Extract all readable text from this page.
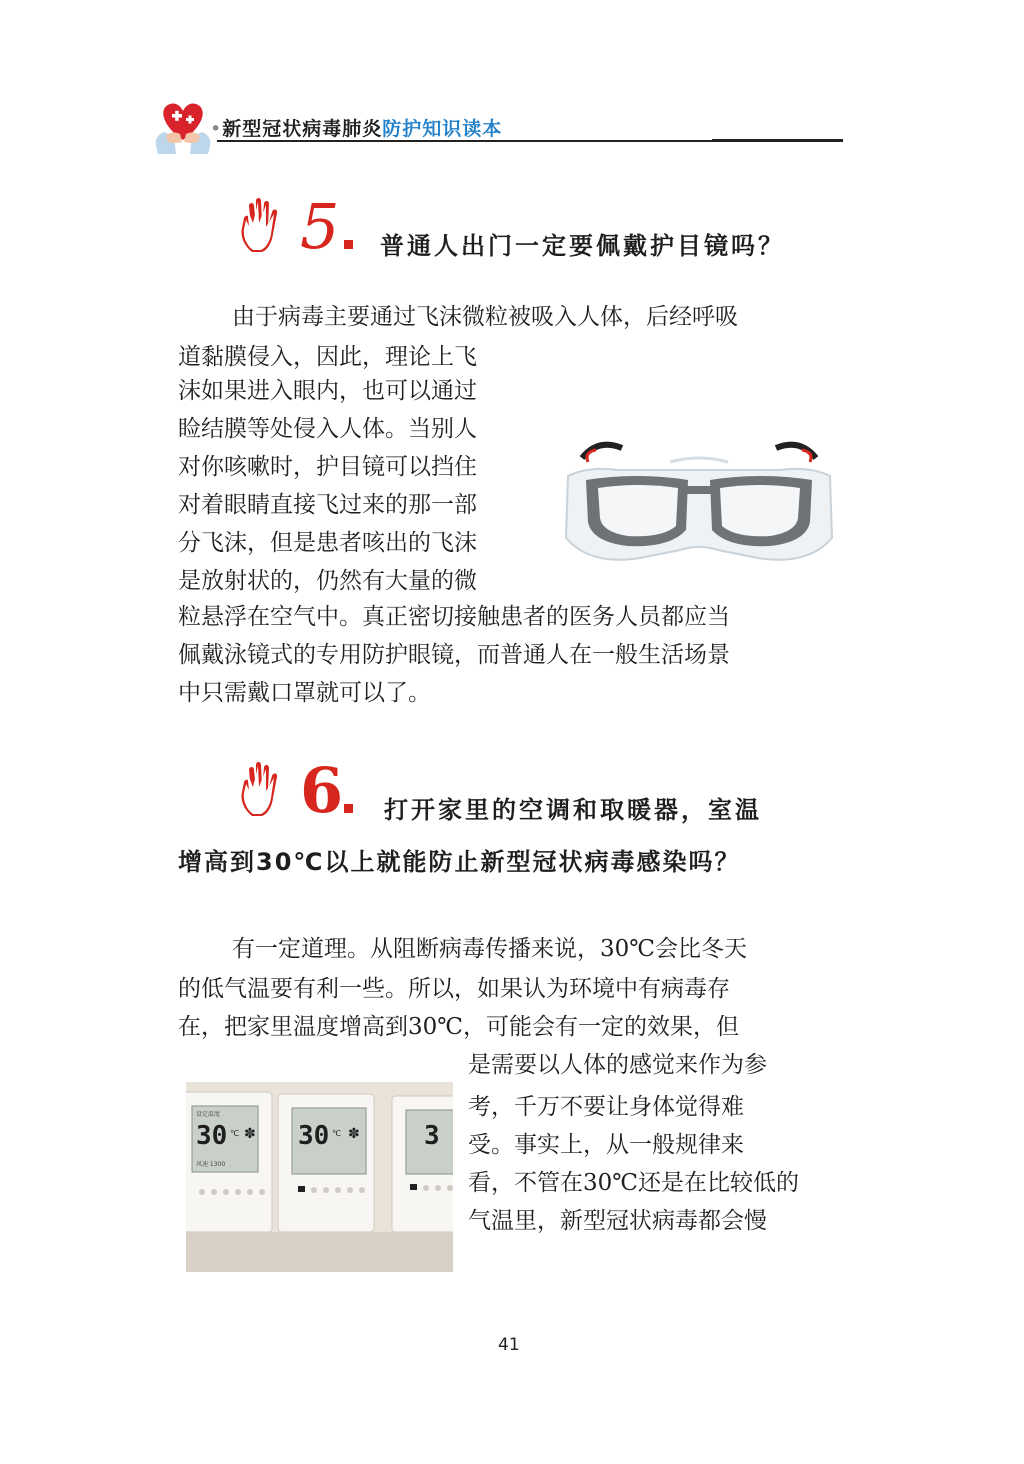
•新型冠状病毒肺炎防护知识读本
5 普通人出门一定要佩戴护目镜吗？
由于病毒主要通过飞沫微粒被吸入人体，后经呼吸
道黏膜侵入，因此，理论上飞
沫如果进入眼内，也可以通过
睑结膜等处侵入人体。当别人
对你咳嗽时，护目镜可以挡住
对着眼睛直接飞过来的那一部
分飞沫，但是患者咳出的飞沫
是放射状的，仍然有大量的微
粒悬浮在空气中。真正密切接触患者的医务人员都应当
佩戴泳镜式的专用防护眼镜，而普通人在一般生活场景
中只需戴口罩就可以了。
6 打开家里的空调和取暖器，室温
增高到30℃以上就能防止新型冠状病毒感染吗？
有一定道理。从阻断病毒传播来说，30℃会比冬天
的低气温要有利一些。所以，如果认为环境中有病毒存
在，把家里温度增高到30℃，可能会有一定的效果，但
是需要以人体的感觉来作为参
考，千万不要让身体觉得难
受。事实上，从一般规律来
看，不管在30℃还是在比较低的
气温里，新型冠状病毒都会慢
设定温度
30 ℃ ✽
风速 1300
30 ℃ ✽ 3
41
